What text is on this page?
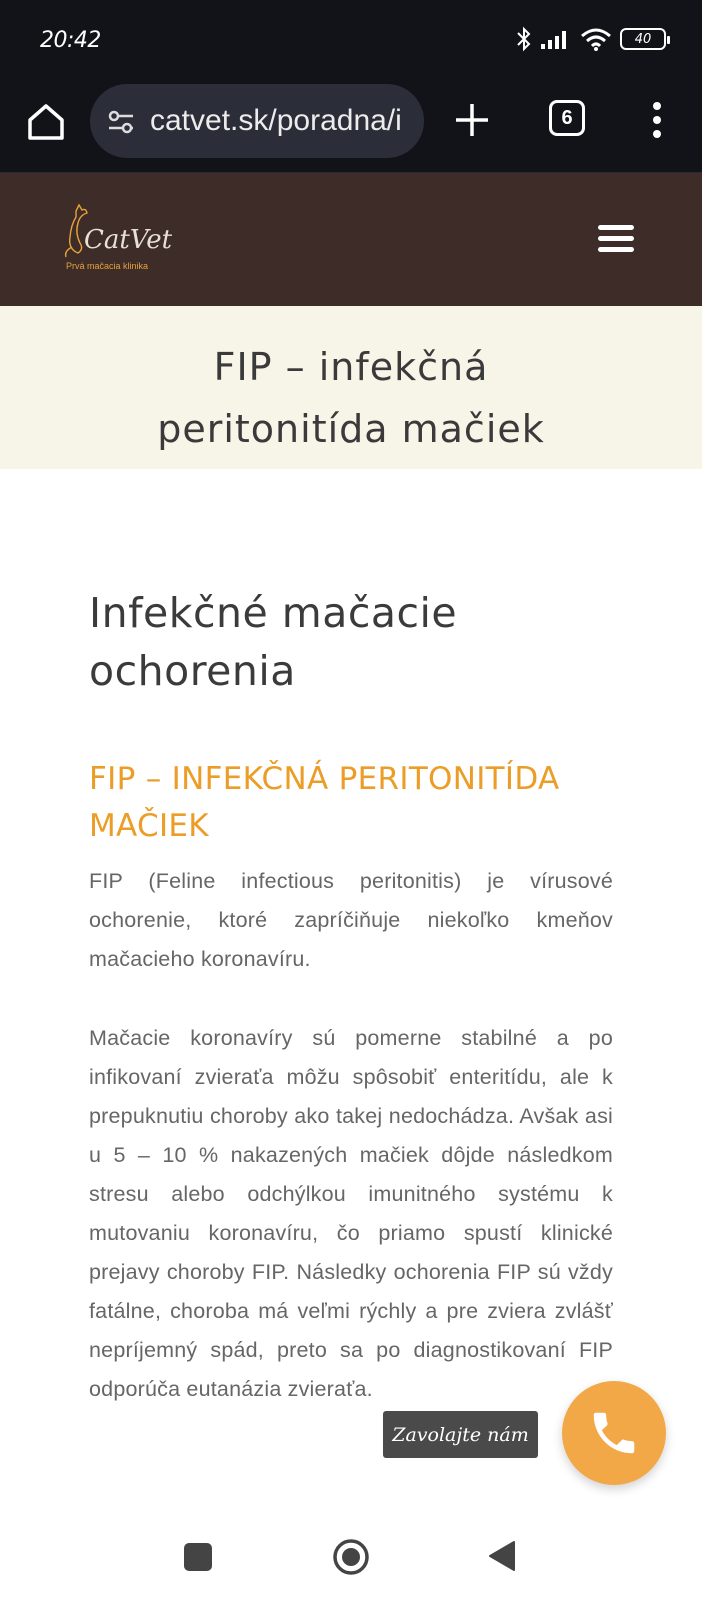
20:42	40
catvet.sk/poradna/i	6
CatVet
Prvá mačacia klinika
FIP – infekčná
peritonitída mačiek
Infekčné mačacie ochorenia
FIP – INFEKČNÁ PERITONITÍDA MAČIEK

FIP (Feline infectious peritonitis) je vírusové ochorenie, ktoré zapríčiňuje niekoľko kmeňov mačacieho koronavíru.

Mačacie koronavíry sú pomerne stabilné a po infikovaní zvieraťa môžu spôsobiť enteritídu, ale k prepuknutiu choroby ako takej nedochádza. Avšak asi u 5 – 10 % nakazených mačiek dôjde následkom stresu alebo odchýlkou imunitného systému k mutovaniu koronavíru, čo priamo spustí klinické prejavy choroby FIP. Následky ochorenia FIP sú vždy fatálne, choroba má veľmi rýchly a pre zviera zvlášť nepríjemný spád, preto sa po diagnostikovaní FIP odporúča eutanázia zvieraťa.

Zavolajte nám
